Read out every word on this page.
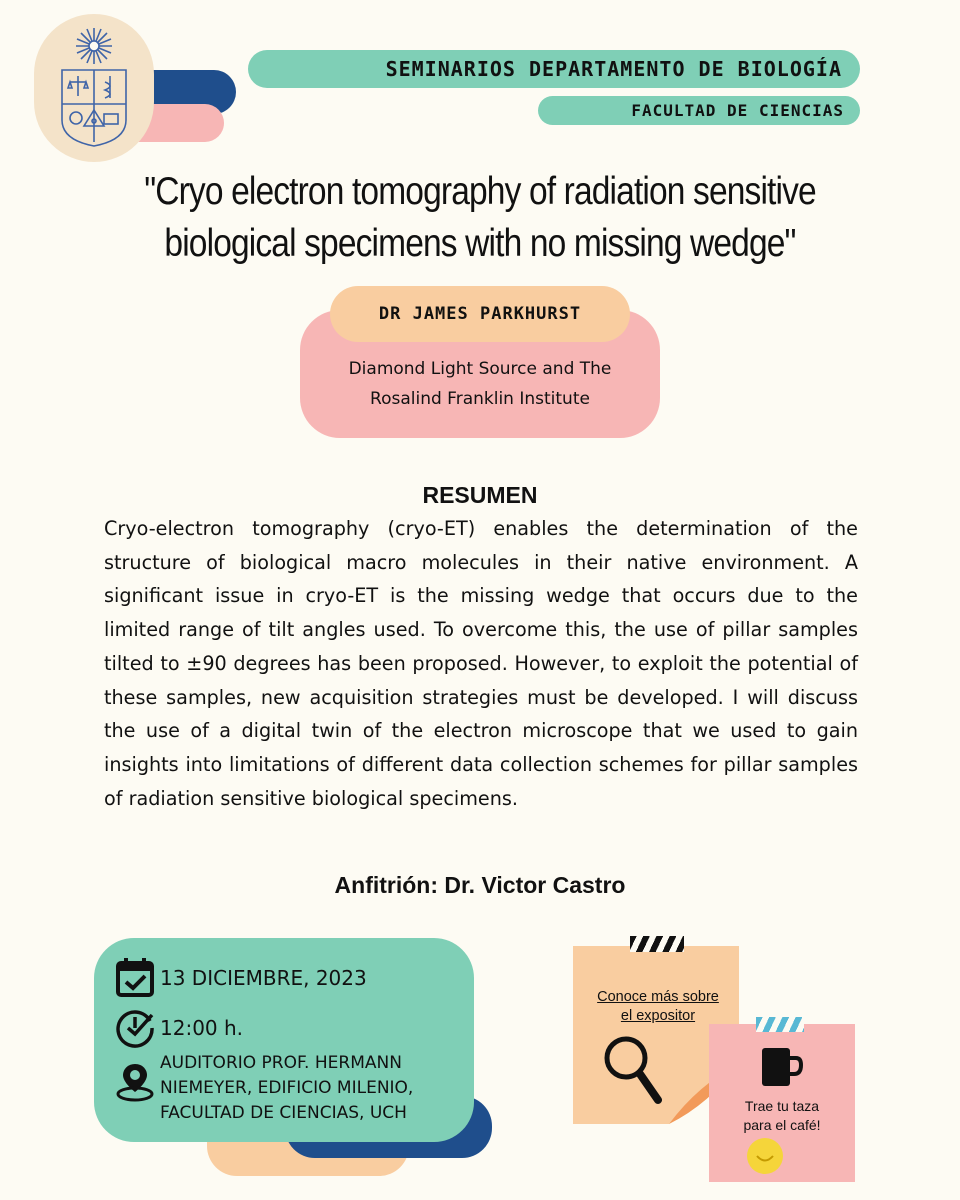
SEMINARIOS DEPARTAMENTO DE BIOLOGÍA
FACULTAD DE CIENCIAS
"Cryo electron tomography of radiation sensitive
biological specimens with no missing wedge"
Diamond Light Source and The
Rosalind Franklin Institute
DR JAMES PARKHURST
RESUMEN
Cryo-electron tomography (cryo-ET) enables the determination of the structure of biological macro molecules in their native environment. A significant issue in cryo-ET is the missing wedge that occurs due to the limited range of tilt angles used. To overcome this, the use of pillar samples tilted to ±90 degrees has been proposed. However, to exploit the potential of these samples, new acquisition strategies must be developed. I will discuss the use of a digital twin of the electron microscope that we used to gain insights into limitations of different data collection schemes for pillar samples of radiation sensitive biological specimens.
Anfitrión: Dr. Victor Castro
13 DICIEMBRE, 2023
12:00 h.
AUDITORIO PROF. HERMANN
NIEMEYER, EDIFICIO MILENIO,
FACULTAD DE CIENCIAS, UCH
Conoce más sobre
el expositor
Trae tu taza
para el café!
